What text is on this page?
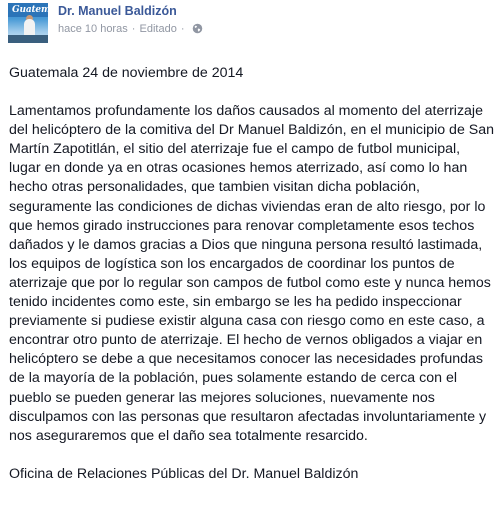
Guatemala
Dr. Manuel Baldizón
hace 10 horas · Editado ·

Guatemala 24 de noviembre de 2014

Lamentamos profundamente los daños causados al momento del aterrizaje del helicóptero de la comitiva del Dr Manuel Baldizón, en el municipio de San Martín Zapotitlán, el sitio del aterrizaje fue el campo de futbol municipal, lugar en donde ya en otras ocasiones hemos aterrizado, así como lo han hecho otras personalidades, que tambien visitan dicha población, seguramente las condiciones de dichas viviendas eran de alto riesgo, por lo que hemos girado instrucciones para renovar completamente esos techos dañados y le damos gracias a Dios que ninguna persona resultó lastimada, los equipos de logística son los encargados de coordinar los puntos de aterrizaje que por lo regular son campos de futbol como este y nunca hemos tenido incidentes como este, sin embargo se les ha pedido inspeccionar previamente si pudiese existir alguna casa con riesgo como en este caso, a encontrar otro punto de aterrizaje. El hecho de vernos obligados a viajar en helicóptero se debe a que necesitamos conocer las necesidades profundas de la mayoría de la población, pues solamente estando de cerca con el pueblo se pueden generar las mejores soluciones, nuevamente nos disculpamos con las personas que resultaron afectadas involuntariamente y nos aseguraremos que el daño sea totalmente resarcido.

Oficina de Relaciones Públicas del Dr. Manuel Baldizón
